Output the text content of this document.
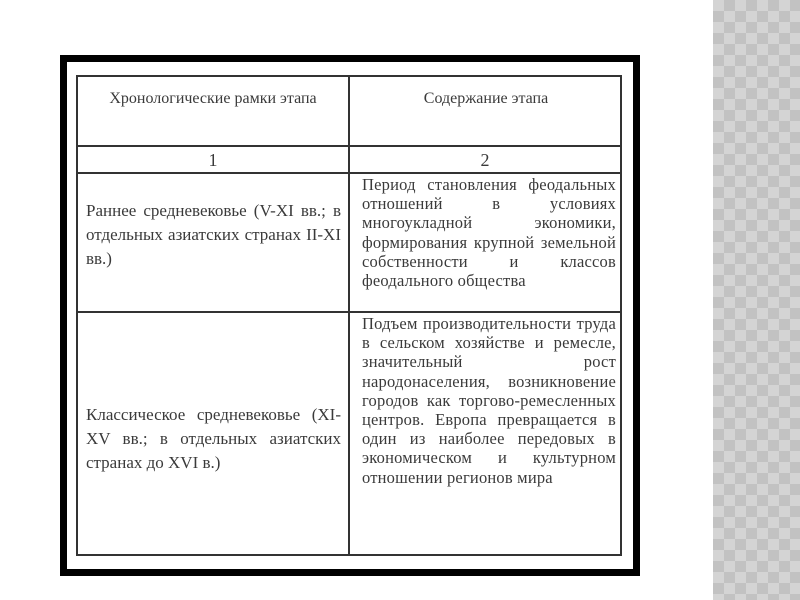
Хронологические рамки этапа	Содержание этапа
1	2
Раннее средневековье (V-XI вв.; в отдельных азиатских странах II-XI вв.)
Период становления феодальных отношений в условиях многоукладной экономики, формирования крупной земельной собственности и классов феодального общества
Классическое средневековье (XI-XV вв.; в отдельных азиатских странах до XVI в.)
Подъем производительности труда в сельском хозяйстве и ремесле, значительный рост народонаселения, возникновение городов как торгово-ремесленных центров. Европа превращается в один из наиболее передовых в экономическом и культурном отношении регионов мира
